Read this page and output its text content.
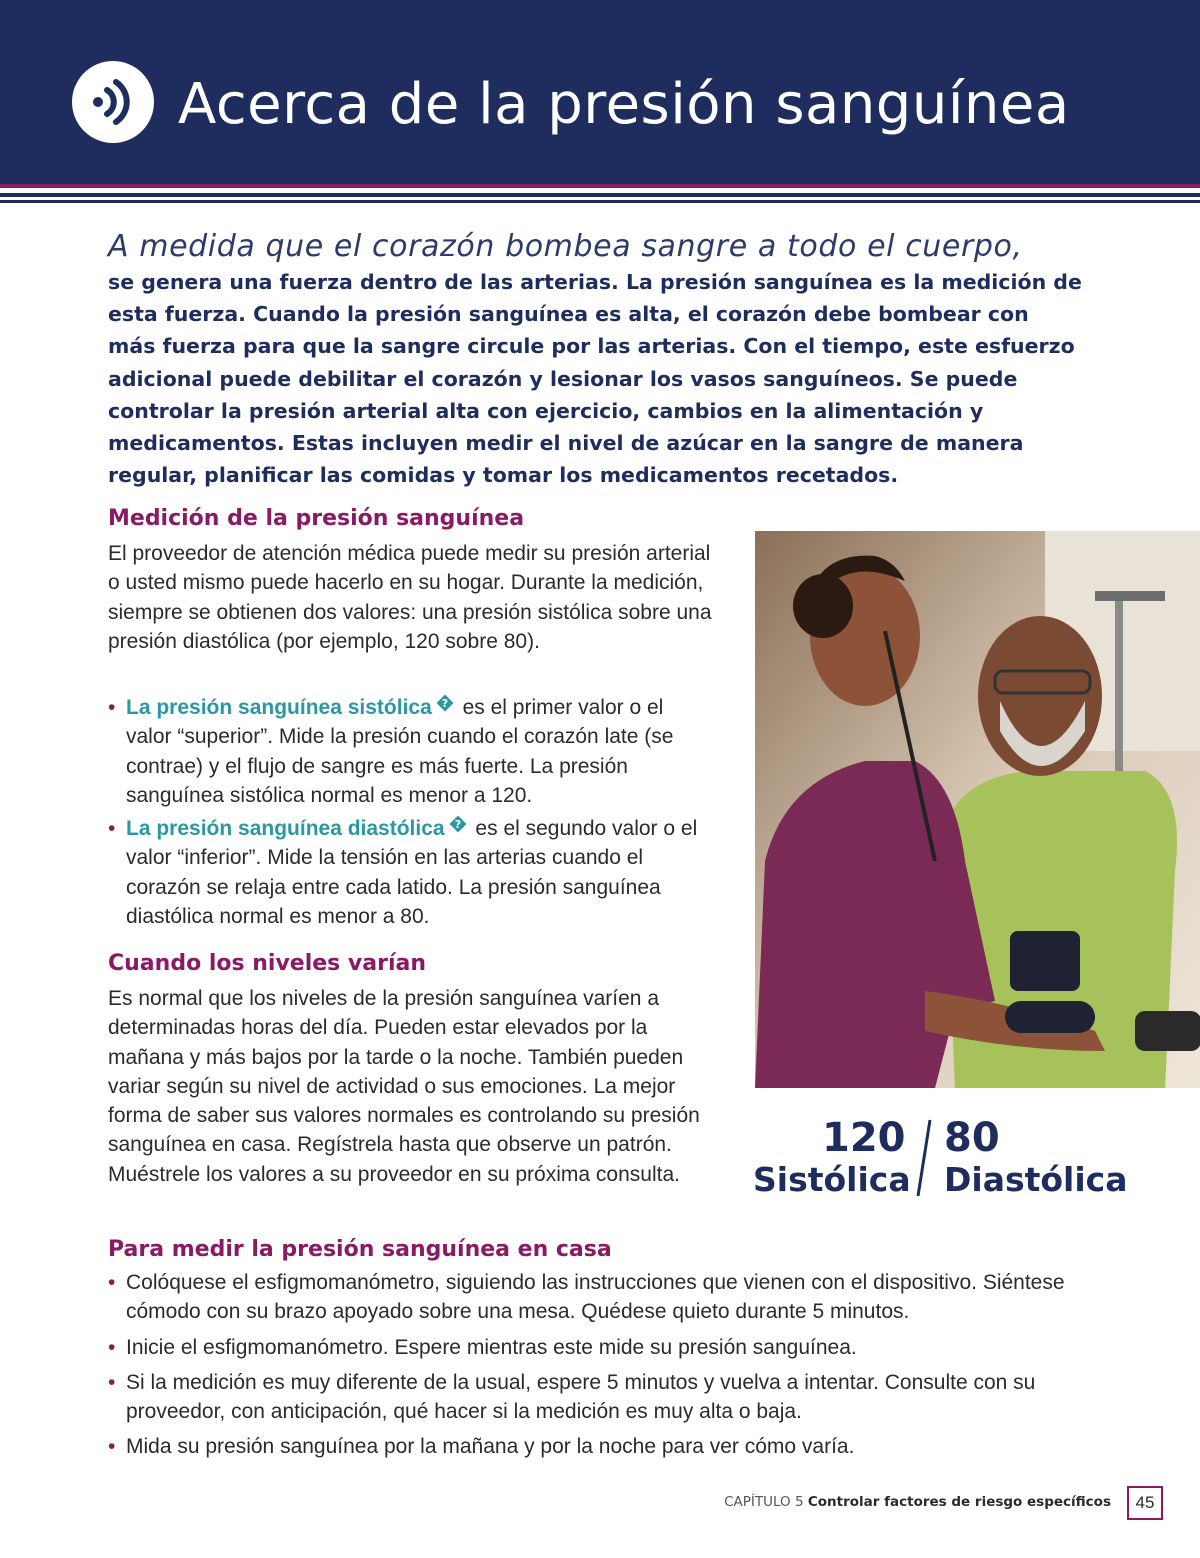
Acerca de la presión sanguínea

A medida que el corazón bombea sangre a todo el cuerpo,

se genera una fuerza dentro de las arterias. La presión sanguínea es la medición de esta fuerza. Cuando la presión sanguínea es alta, el corazón debe bombear con más fuerza para que la sangre circule por las arterias. Con el tiempo, este esfuerzo adicional puede debilitar el corazón y lesionar los vasos sanguíneos. Se puede controlar la presión arterial alta con ejercicio, cambios en la alimentación y medicamentos. Estas incluyen medir el nivel de azúcar en la sangre de manera regular, planificar las comidas y tomar los medicamentos recetados.

Medición de la presión sanguínea

El proveedor de atención médica puede medir su presión arterial o usted mismo puede hacerlo en su hogar. Durante la medición, siempre se obtienen dos valores: una presión sistólica sobre una presión diastólica (por ejemplo, 120 sobre 80).

• La presión sanguínea sistólica ? es el primer valor o el valor “superior”. Mide la presión cuando el corazón late (se contrae) y el flujo de sangre es más fuerte. La presión sanguínea sistólica normal es menor a 120.
• La presión sanguínea diastólica ? es el segundo valor o el valor “inferior”. Mide la tensión en las arterias cuando el corazón se relaja entre cada latido. La presión sanguínea diastólica normal es menor a 80.
Cuando los niveles varían

Es normal que los niveles de la presión sanguínea varíen a determinadas horas del día. Pueden estar elevados por la mañana y más bajos por la tarde o la noche. También pueden variar según su nivel de actividad o sus emociones. La mejor forma de saber sus valores normales es controlando su presión sanguínea en casa. Regístrela hasta que observe un patrón. Muéstrele los valores a su proveedor en su próxima consulta.

120

Sistólica

80

Diastólica

Para medir la presión sanguínea en casa
• Colóquese el esfigmomanómetro, siguiendo las instrucciones que vienen con el dispositivo. Siéntese cómodo con su brazo apoyado sobre una mesa. Quédese quieto durante 5 minutos.
• Inicie el esfigmomanómetro. Espere mientras este mide su presión sanguínea.
• Si la medición es muy diferente de la usual, espere 5 minutos y vuelva a intentar. Consulte con su proveedor, con anticipación, qué hacer si la medición es muy alta o baja.
• Mida su presión sanguínea por la mañana y por la noche para ver cómo varía.

CAPÍTULO 5 Controlar factores de riesgo específicos	45
